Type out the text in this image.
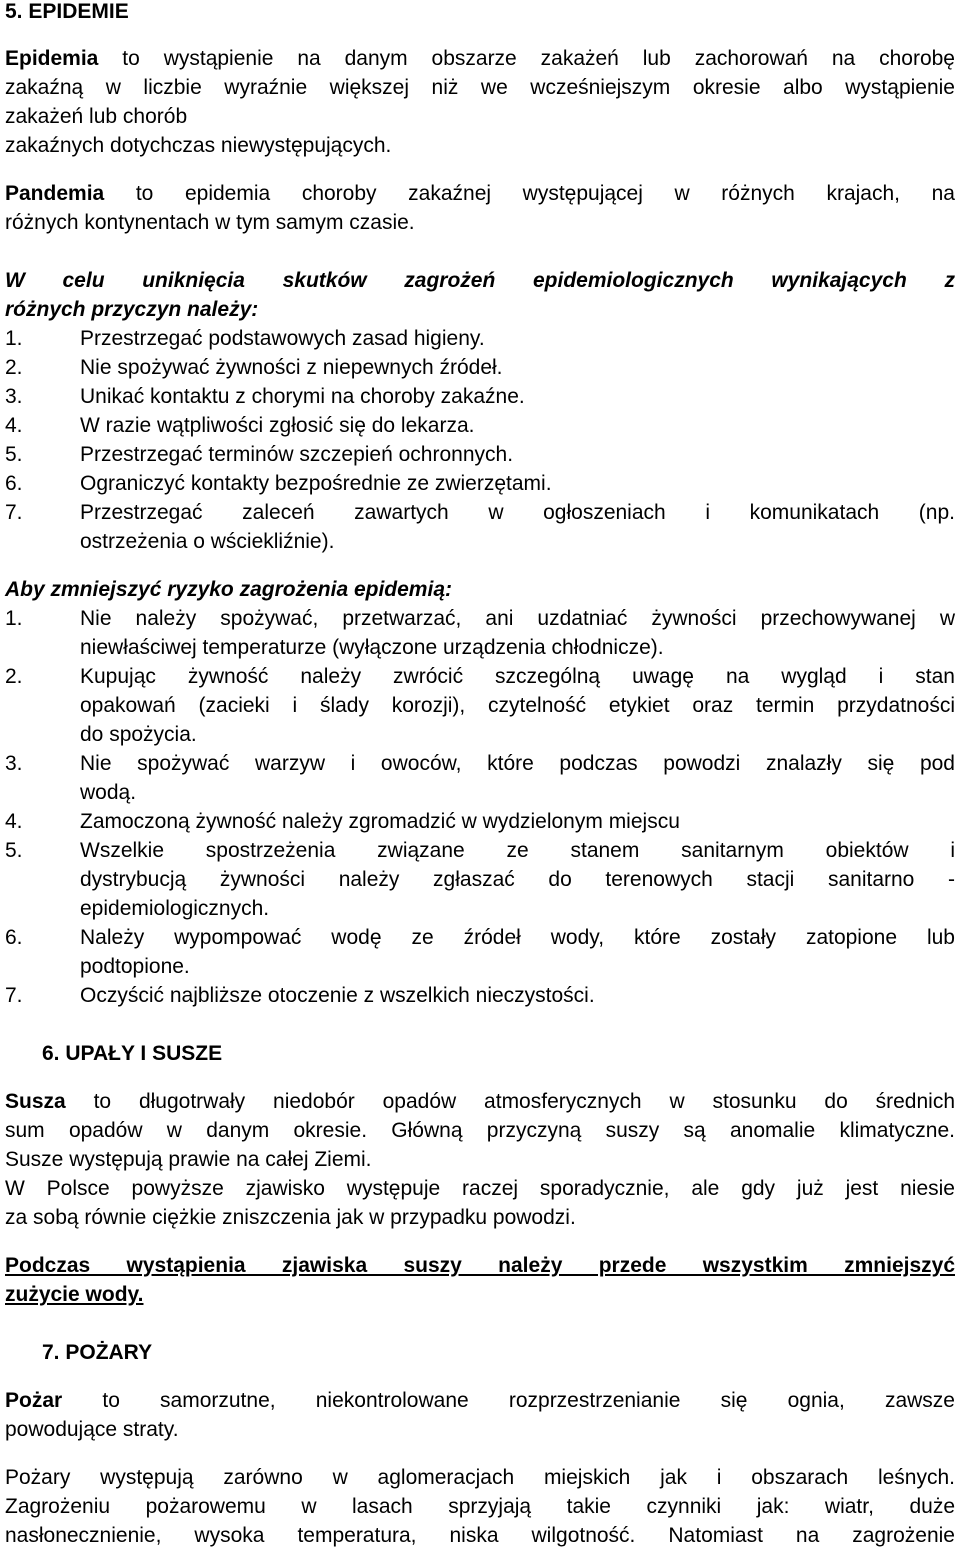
5. EPIDEMIE
Epidemia to wystąpienie na danym obszarze zakażeń lub zachorowań na chorobę
zakaźną w liczbie wyraźnie większej niż we wcześniejszym okresie albo wystąpienie
zakażeń lub chorób
zakaźnych dotychczas niewystępujących.
Pandemia to epidemia choroby zakaźnej występującej w różnych krajach, na
różnych kontynentach w tym samym czasie.
W celu uniknięcia skutków zagrożeń epidemiologicznych wynikających z
różnych przyczyn należy:
1.	Przestrzegać podstawowych zasad higieny.
2.	Nie spożywać żywności z niepewnych źródeł.
3.	Unikać kontaktu z chorymi na choroby zakaźne.
4.	W razie wątpliwości zgłosić się do lekarza.
5.	Przestrzegać terminów szczepień ochronnych.
6.	Ograniczyć kontakty bezpośrednie ze zwierzętami.
7.	Przestrzegać zaleceń zawartych w ogłoszeniach i komunikatach (np.
ostrzeżenia o wściekliźnie).
Aby zmniejszyć ryzyko zagrożenia epidemią:
1.	Nie należy spożywać, przetwarzać, ani uzdatniać żywności przechowywanej w
niewłaściwej temperaturze (wyłączone urządzenia chłodnicze).
2.	Kupując żywność należy zwrócić szczególną uwagę na wygląd i stan
opakowań (zacieki i ślady korozji), czytelność etykiet oraz termin przydatności
do spożycia.
3.	Nie spożywać warzyw i owoców, które podczas powodzi znalazły się pod
wodą.
4.	Zamoczoną żywność należy zgromadzić w wydzielonym miejscu
5.	Wszelkie spostrzeżenia związane ze stanem sanitarnym obiektów i
dystrybucją żywności należy zgłaszać do terenowych stacji sanitarno -
epidemiologicznych.
6.	Należy wypompować wodę ze źródeł wody, które zostały zatopione lub
podtopione.
7.	Oczyścić najbliższe otoczenie z wszelkich nieczystości.
6. UPAŁY I SUSZE
Susza to długotrwały niedobór opadów atmosferycznych w stosunku do średnich
sum opadów w danym okresie. Główną przyczyną suszy są anomalie klimatyczne.
Susze występują prawie na całej Ziemi.
W Polsce powyższe zjawisko występuje raczej sporadycznie, ale gdy już jest niesie
za sobą równie ciężkie zniszczenia jak w przypadku powodzi.
Podczas wystąpienia zjawiska suszy należy przede wszystkim zmniejszyć
zużycie wody.
7. POŻARY
Pożar to samorzutne, niekontrolowane rozprzestrzenianie się ognia, zawsze
powodujące straty.
Pożary występują zarówno w aglomeracjach miejskich jak i obszarach leśnych.
Zagrożeniu pożarowemu w lasach sprzyjają takie czynniki jak: wiatr, duże
nasłonecznienie, wysoka temperatura, niska wilgotność. Natomiast na zagrożenie
